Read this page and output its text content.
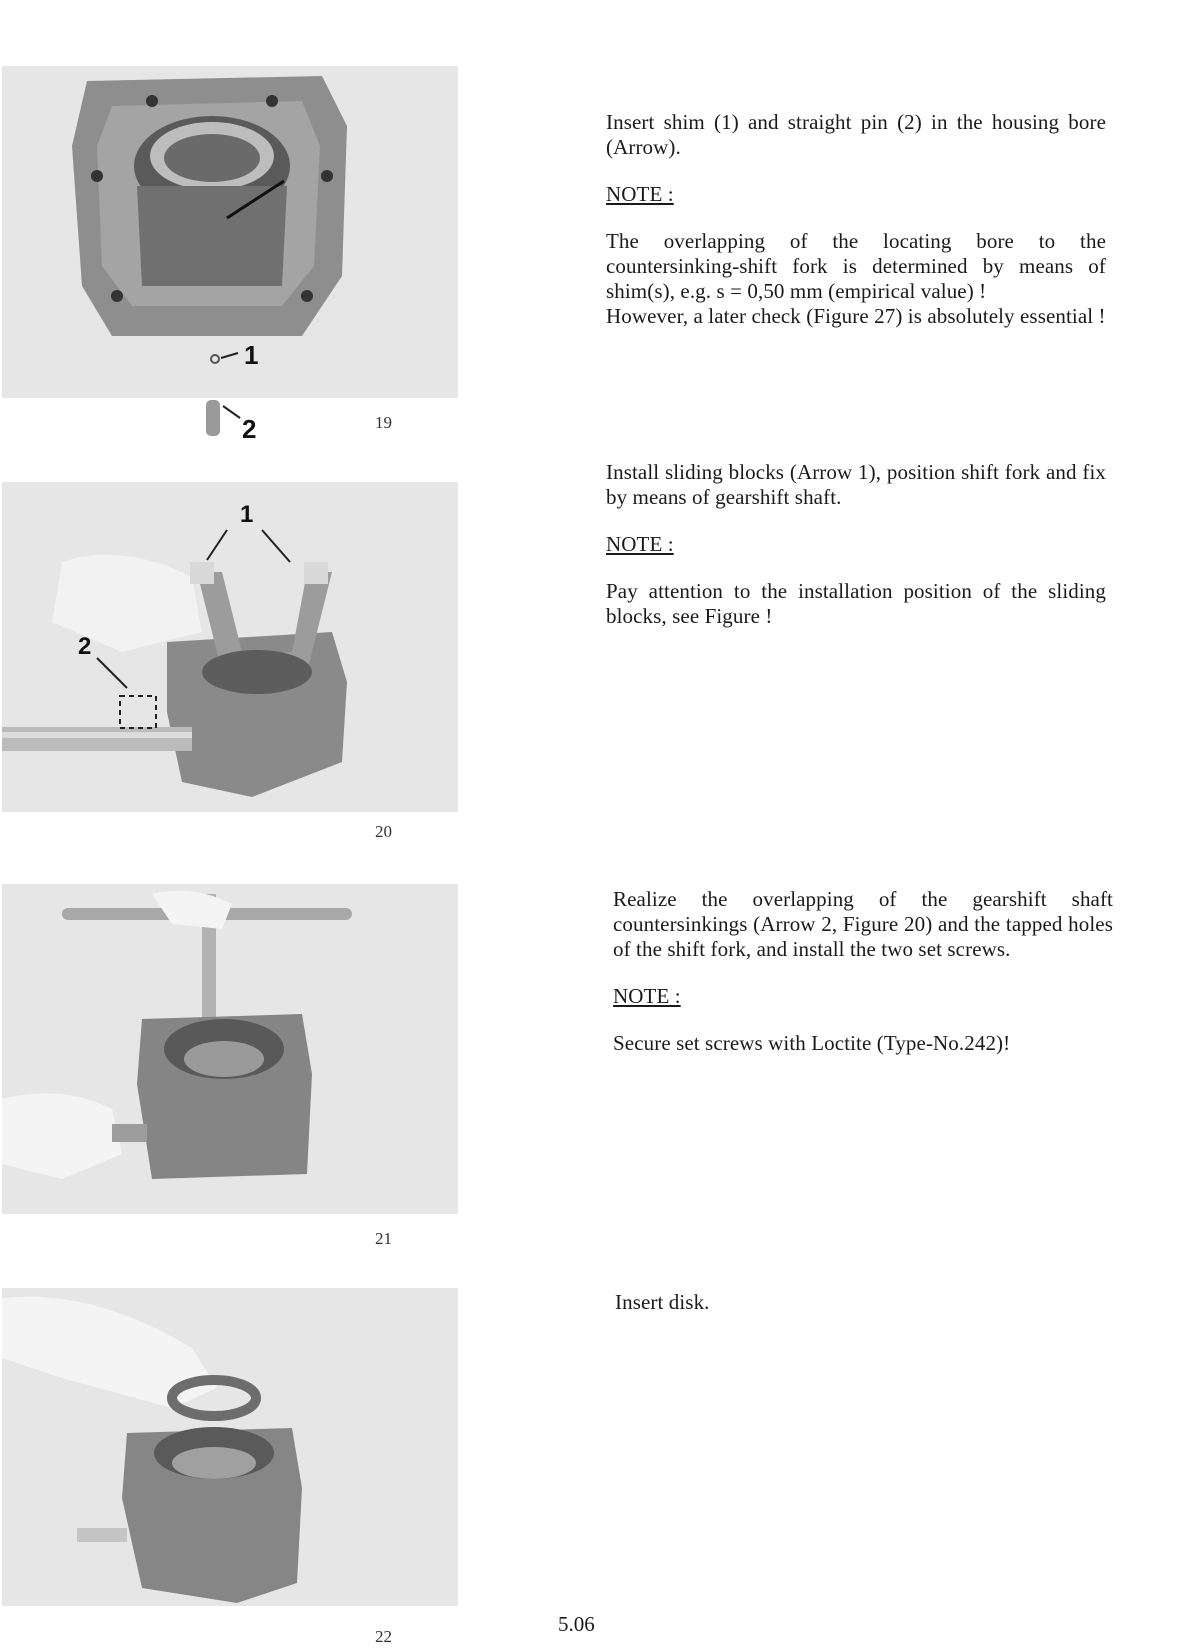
1
2	19
1
2
20
21
22

Insert shim (1) and straight pin (2) in the housing bore (Arrow).

NOTE :

The overlapping of the locating bore to the countersinking-shift fork is determined by means of shim(s), e.g. s = 0,50 mm (empirical value) !

However, a later check (Figure 27) is absolutely essential !

Install sliding blocks (Arrow 1), position shift fork and fix by means of gearshift shaft.

NOTE :

Pay attention to the installation position of the sliding blocks, see Figure !

Realize the overlapping of the gearshift shaft countersinkings (Arrow 2, Figure 20) and the tapped holes of the shift fork, and install the two set screws.

NOTE :

Secure set screws with Loctite (Type-No.242)!

Insert disk.

5.06
